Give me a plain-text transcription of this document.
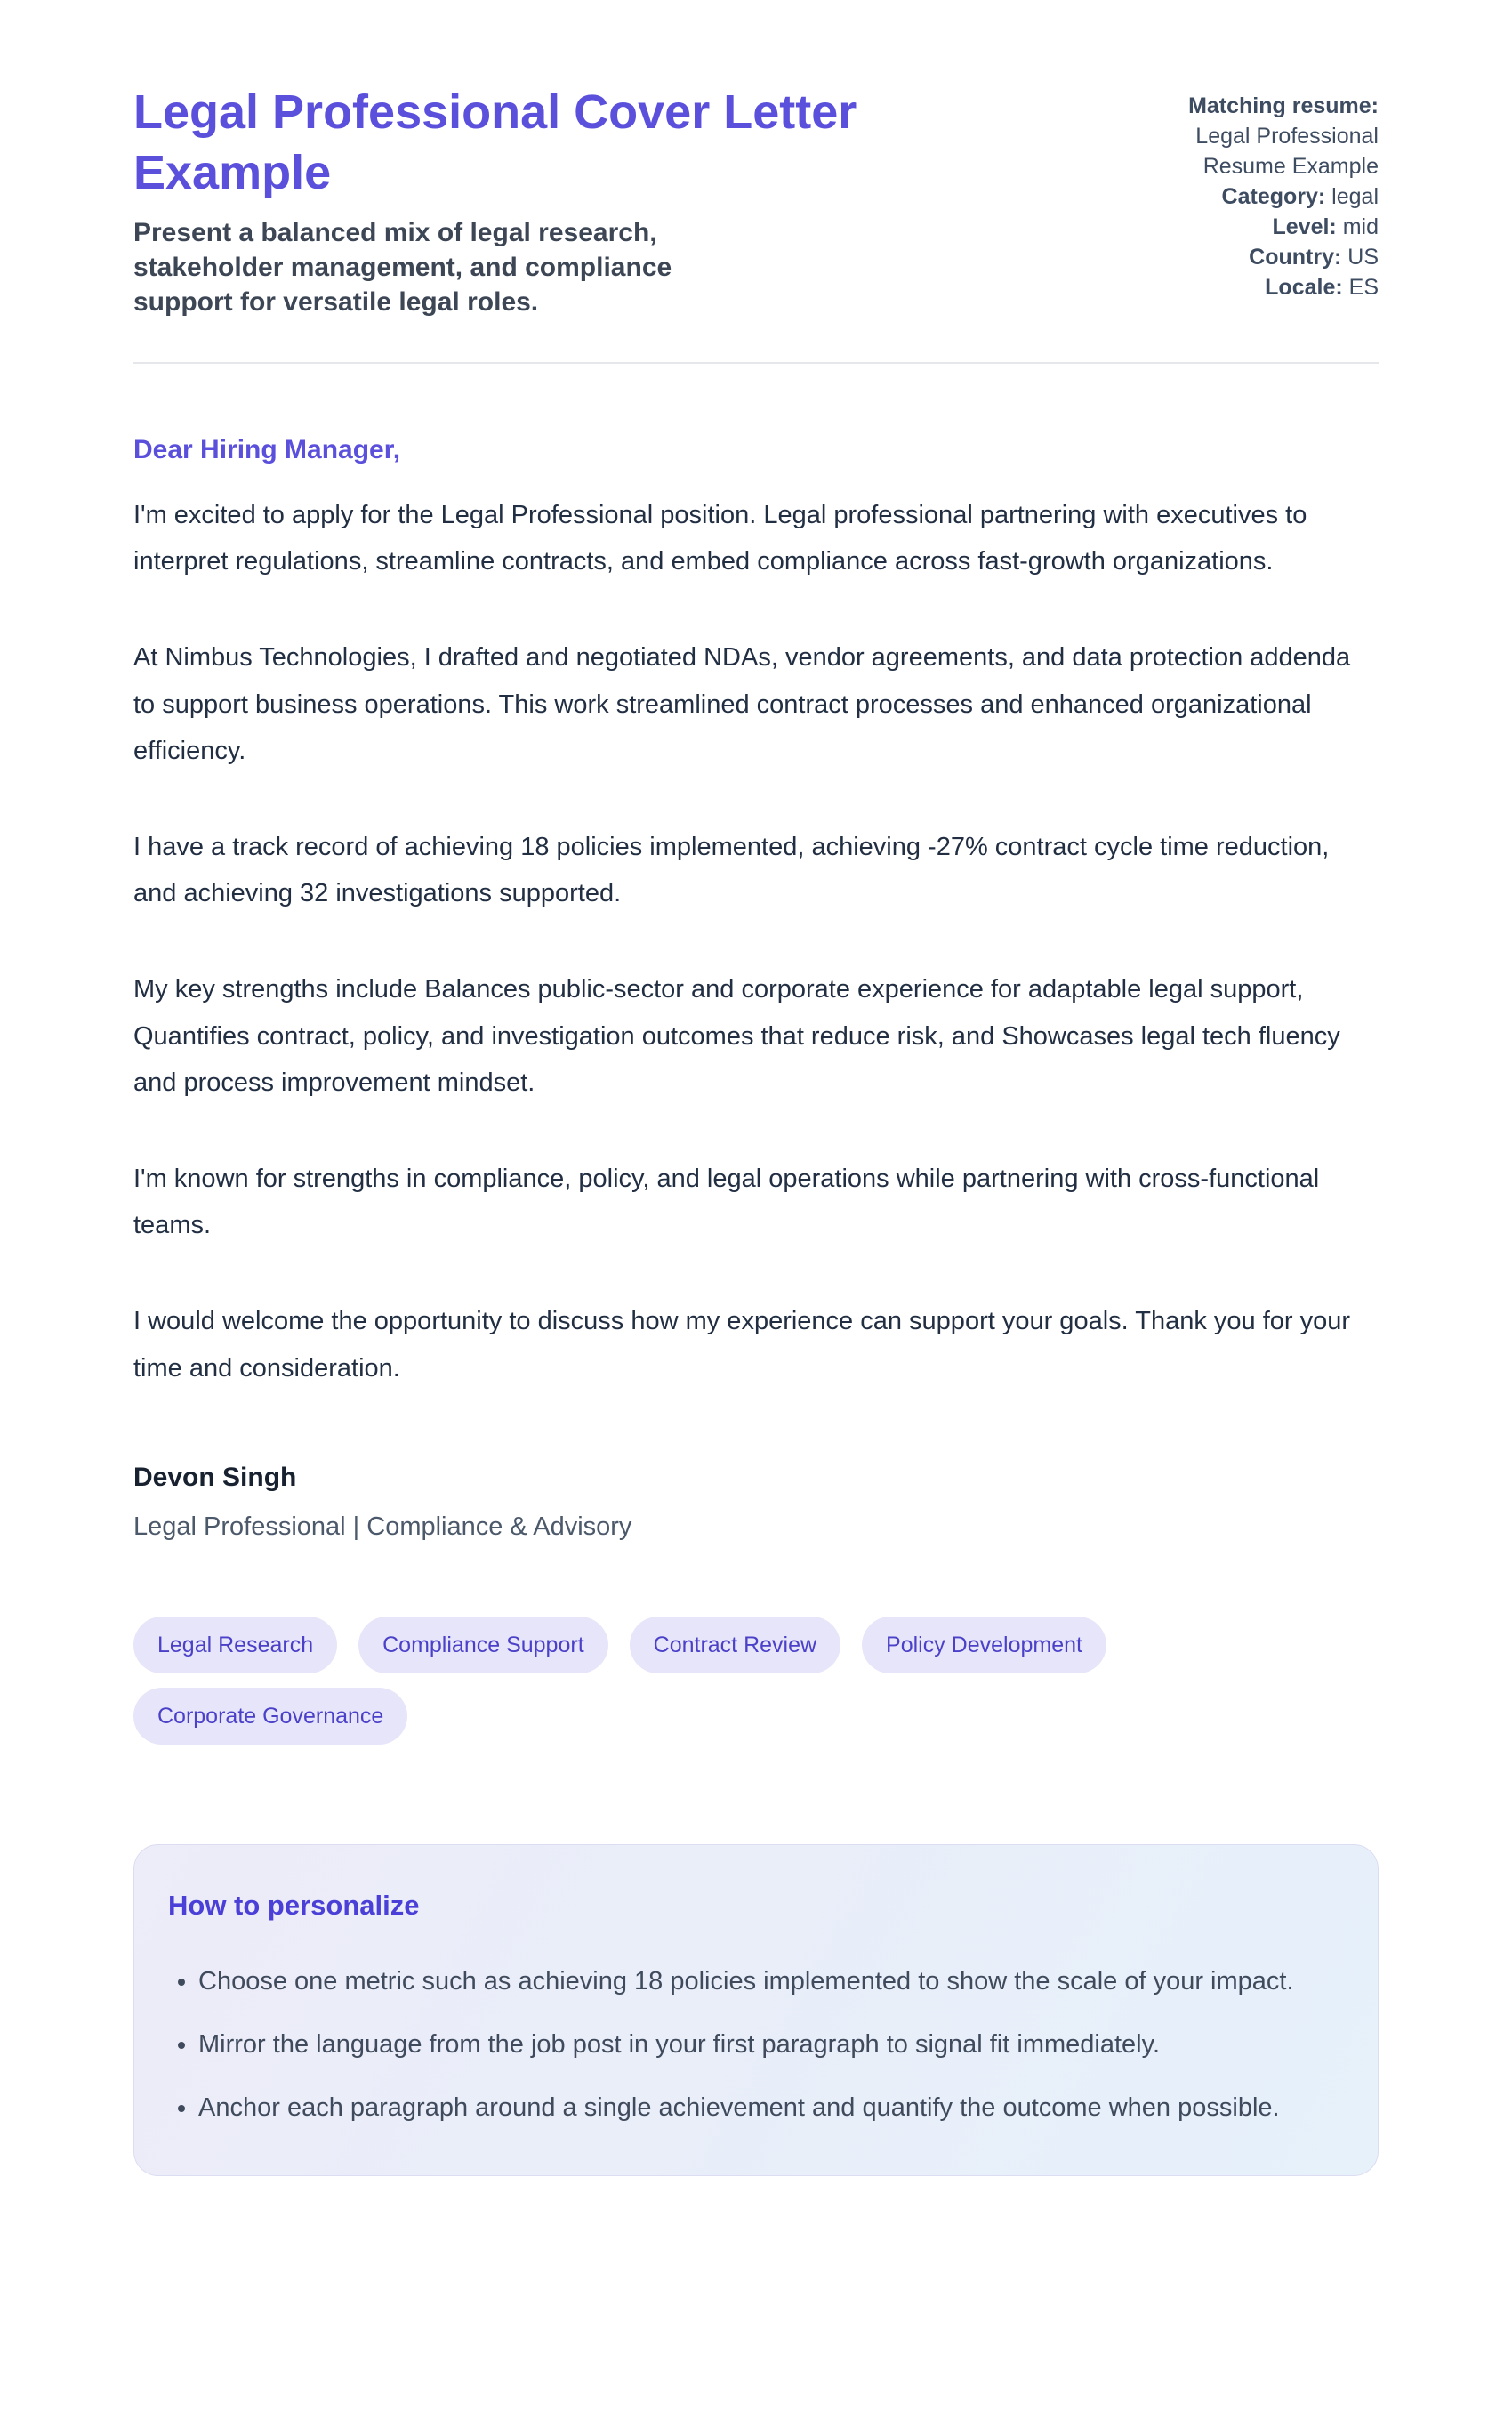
Legal Professional Cover Letter Example

Present a balanced mix of legal research, stakeholder management, and compliance support for versatile legal roles.

Matching resume:
Legal Professional
Resume Example
Category: legal
Level: mid
Country: US
Locale: ES

Dear Hiring Manager,

I'm excited to apply for the Legal Professional position. Legal professional partnering with executives to interpret regulations, streamline contracts, and embed compliance across fast-growth organizations.

At Nimbus Technologies, I drafted and negotiated NDAs, vendor agreements, and data protection addenda to support business operations. This work streamlined contract processes and enhanced organizational efficiency.

I have a track record of achieving 18 policies implemented, achieving -27% contract cycle time reduction, and achieving 32 investigations supported.

My key strengths include Balances public-sector and corporate experience for adaptable legal support, Quantifies contract, policy, and investigation outcomes that reduce risk, and Showcases legal tech fluency and process improvement mindset.

I'm known for strengths in compliance, policy, and legal operations while partnering with cross-functional teams.

I would welcome the opportunity to discuss how my experience can support your goals. Thank you for your time and consideration.

Devon Singh

Legal Professional | Compliance & Advisory

Legal Research	Compliance Support	Contract Review	Policy Development
Corporate Governance
How to personalize
• Choose one metric such as achieving 18 policies implemented to show the scale of your impact.
• Mirror the language from the job post in your first paragraph to signal fit immediately.
• Anchor each paragraph around a single achievement and quantify the outcome when possible.
